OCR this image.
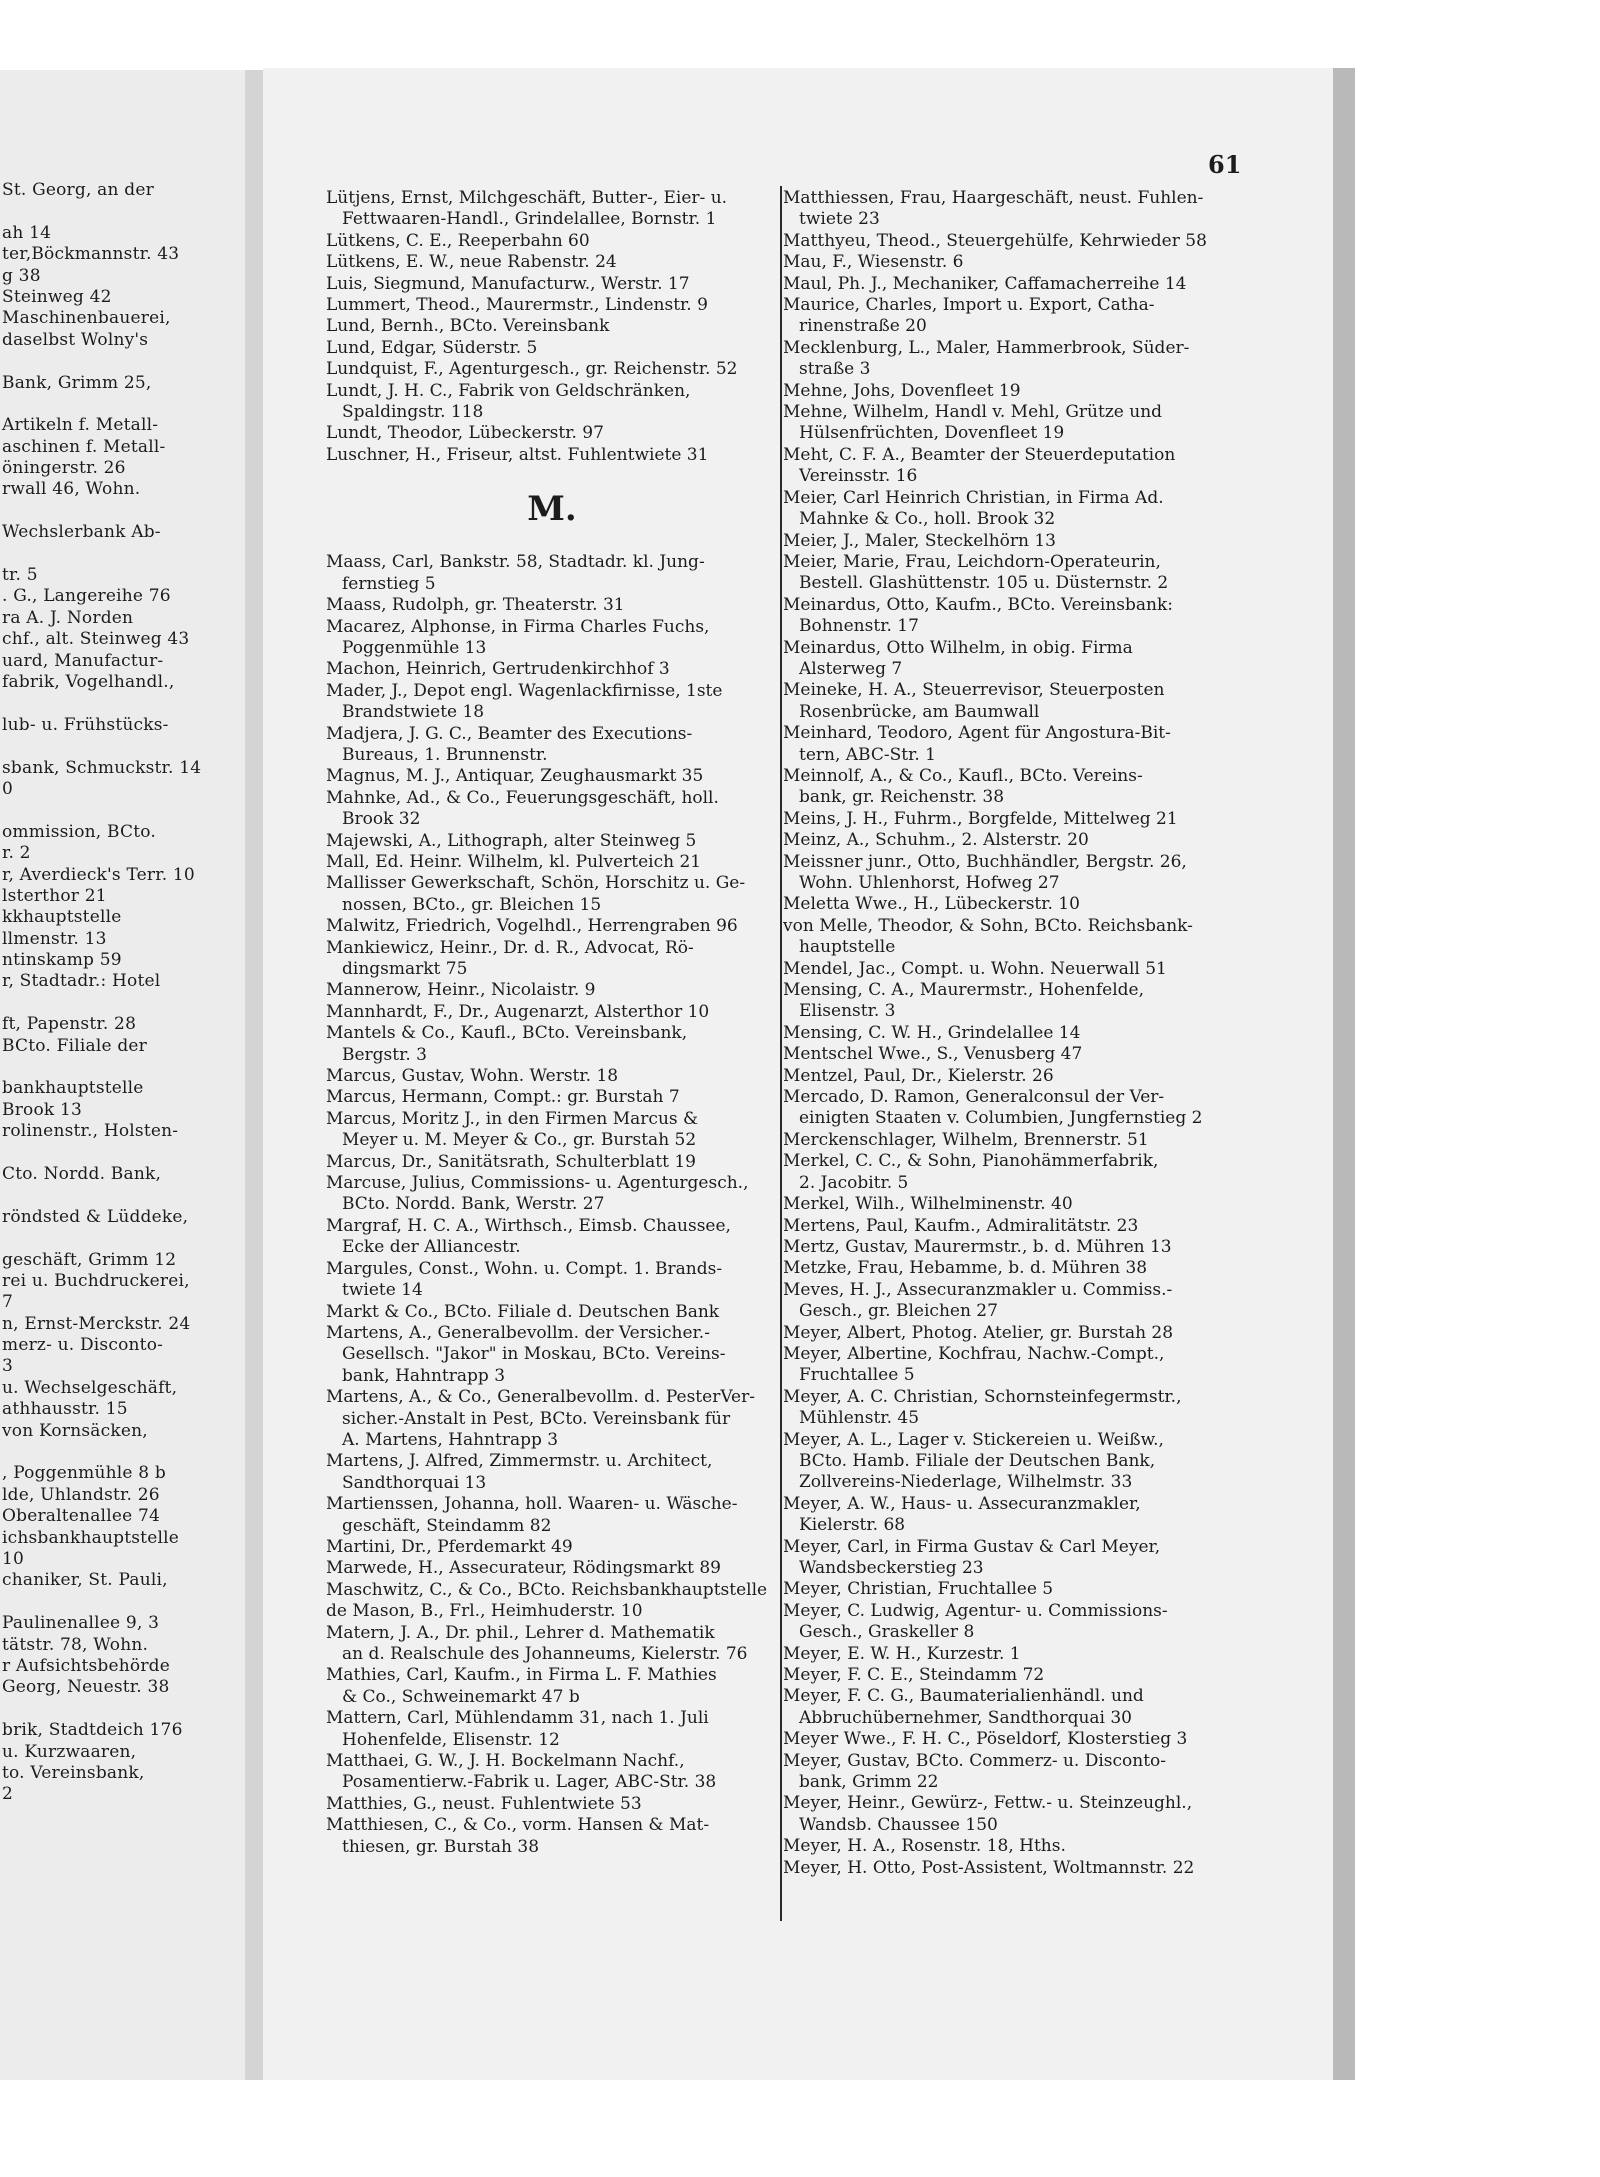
St. Georg, an der

ah 14
ter,Böckmannstr. 43
g 38
Steinweg 42
Maschinenbauerei,
daselbst Wolny's

Bank, Grimm 25,

Artikeln f. Metall-
aschinen f. Metall-
öningerstr. 26
rwall 46, Wohn.

Wechslerbank Ab-

tr. 5
. G., Langereihe 76
ra A. J. Norden
chf., alt. Steinweg 43
uard, Manufactur-
fabrik, Vogelhandl.,

lub- u. Frühstücks-

sbank, Schmuckstr. 14
0

ommission, BCto.
r. 2
r, Averdieck's Terr. 10
lsterthor 21
kkhauptstelle
llmenstr. 13
ntinskamp 59
r, Stadtadr.: Hotel

ft, Papenstr. 28
BCto. Filiale der

bankhauptstelle
Brook 13
rolinenstr., Holsten-

Cto. Nordd. Bank,

röndsted & Lüddeke,

geschäft, Grimm 12
rei u. Buchdruckerei,
7
n, Ernst-Merckstr. 24
merz- u. Disconto-
3
u. Wechselgeschäft,
athhausstr. 15
von Kornsäcken,

, Poggenmühle 8 b
lde, Uhlandstr. 26
Oberaltenallee 74
ichsbankhauptstelle
10
chaniker, St. Pauli,

Paulinenallee 9, 3
tätstr. 78, Wohn.
r Aufsichtsbehörde
Georg, Neuestr. 38

brik, Stadtdeich 176
u. Kurzwaaren,
to. Vereinsbank,
2
61
Lütjens, Ernst, Milchgeschäft, Butter-, Eier- u.
Fettwaaren-Handl., Grindelallee, Bornstr. 1
Lütkens, C. E., Reeperbahn 60
Lütkens, E. W., neue Rabenstr. 24
Luis, Siegmund, Manufacturw., Werstr. 17
Lummert, Theod., Maurermstr., Lindenstr. 9
Lund, Bernh., BCto. Vereinsbank
Lund, Edgar, Süderstr. 5
Lundquist, F., Agenturgesch., gr. Reichenstr. 52
Lundt, J. H. C., Fabrik von Geldschränken,
Spaldingstr. 118
Lundt, Theodor, Lübeckerstr. 97
Luschner, H., Friseur, altst. Fuhlentwiete 31
M.
Maass, Carl, Bankstr. 58, Stadtadr. kl. Jung-
fernstieg 5
Maass, Rudolph, gr. Theaterstr. 31
Macarez, Alphonse, in Firma Charles Fuchs,
Poggenmühle 13
Machon, Heinrich, Gertrudenkirchhof 3
Mader, J., Depot engl. Wagenlackfirnisse, 1ste
Brandstwiete 18
Madjera, J. G. C., Beamter des Executions-
Bureaus, 1. Brunnenstr.
Magnus, M. J., Antiquar, Zeughausmarkt 35
Mahnke, Ad., & Co., Feuerungsgeschäft, holl.
Brook 32
Majewski, A., Lithograph, alter Steinweg 5
Mall, Ed. Heinr. Wilhelm, kl. Pulverteich 21
Mallisser Gewerkschaft, Schön, Horschitz u. Ge-
nossen, BCto., gr. Bleichen 15
Malwitz, Friedrich, Vogelhdl., Herrengraben 96
Mankiewicz, Heinr., Dr. d. R., Advocat, Rö-
dingsmarkt 75
Mannerow, Heinr., Nicolaistr. 9
Mannhardt, F., Dr., Augenarzt, Alsterthor 10
Mantels & Co., Kaufl., BCto. Vereinsbank,
Bergstr. 3
Marcus, Gustav, Wohn. Werstr. 18
Marcus, Hermann, Compt.: gr. Burstah 7
Marcus, Moritz J., in den Firmen Marcus &
Meyer u. M. Meyer & Co., gr. Burstah 52
Marcus, Dr., Sanitätsrath, Schulterblatt 19
Marcuse, Julius, Commissions- u. Agenturgesch.,
BCto. Nordd. Bank, Werstr. 27
Margraf, H. C. A., Wirthsch., Eimsb. Chaussee,
Ecke der Alliancestr.
Margules, Const., Wohn. u. Compt. 1. Brands-
twiete 14
Markt & Co., BCto. Filiale d. Deutschen Bank
Martens, A., Generalbevollm. der Versicher.-
Gesellsch. "Jakor" in Moskau, BCto. Vereins-
bank, Hahntrapp 3
Martens, A., & Co., Generalbevollm. d. PesterVer-
sicher.-Anstalt in Pest, BCto. Vereinsbank für
A. Martens, Hahntrapp 3
Martens, J. Alfred, Zimmermstr. u. Architect,
Sandthorquai 13
Martienssen, Johanna, holl. Waaren- u. Wäsche-
geschäft, Steindamm 82
Martini, Dr., Pferdemarkt 49
Marwede, H., Assecurateur, Rödingsmarkt 89
Maschwitz, C., & Co., BCto. Reichsbankhauptstelle
de Mason, B., Frl., Heimhuderstr. 10
Matern, J. A., Dr. phil., Lehrer d. Mathematik
an d. Realschule des Johanneums, Kielerstr. 76
Mathies, Carl, Kaufm., in Firma L. F. Mathies
& Co., Schweinemarkt 47 b
Mattern, Carl, Mühlendamm 31, nach 1. Juli
Hohenfelde, Elisenstr. 12
Matthaei, G. W., J. H. Bockelmann Nachf.,
Posamentierw.-Fabrik u. Lager, ABC-Str. 38
Matthies, G., neust. Fuhlentwiete 53
Matthiesen, C., & Co., vorm. Hansen & Mat-
thiesen, gr. Burstah 38
Matthiessen, Frau, Haargeschäft, neust. Fuhlen-
twiete 23
Matthyeu, Theod., Steuergehülfe, Kehrwieder 58
Mau, F., Wiesenstr. 6
Maul, Ph. J., Mechaniker, Caffamacherreihe 14
Maurice, Charles, Import u. Export, Catha-
rinenstraße 20
Mecklenburg, L., Maler, Hammerbrook, Süder-
straße 3
Mehne, Johs, Dovenfleet 19
Mehne, Wilhelm, Handl v. Mehl, Grütze und
Hülsenfrüchten, Dovenfleet 19
Meht, C. F. A., Beamter der Steuerdeputation
Vereinsstr. 16
Meier, Carl Heinrich Christian, in Firma Ad.
Mahnke & Co., holl. Brook 32
Meier, J., Maler, Steckelhörn 13
Meier, Marie, Frau, Leichdorn-Operateurin,
Bestell. Glashüttenstr. 105 u. Düsternstr. 2
Meinardus, Otto, Kaufm., BCto. Vereinsbank:
Bohnenstr. 17
Meinardus, Otto Wilhelm, in obig. Firma
Alsterweg 7
Meineke, H. A., Steuerrevisor, Steuerposten
Rosenbrücke, am Baumwall
Meinhard, Teodoro, Agent für Angostura-Bit-
tern, ABC-Str. 1
Meinnolf, A., & Co., Kaufl., BCto. Vereins-
bank, gr. Reichenstr. 38
Meins, J. H., Fuhrm., Borgfelde, Mittelweg 21
Meinz, A., Schuhm., 2. Alsterstr. 20
Meissner junr., Otto, Buchhändler, Bergstr. 26,
Wohn. Uhlenhorst, Hofweg 27
Meletta Wwe., H., Lübeckerstr. 10
von Melle, Theodor, & Sohn, BCto. Reichsbank-
hauptstelle
Mendel, Jac., Compt. u. Wohn. Neuerwall 51
Mensing, C. A., Maurermstr., Hohenfelde,
Elisenstr. 3
Mensing, C. W. H., Grindelallee 14
Mentschel Wwe., S., Venusberg 47
Mentzel, Paul, Dr., Kielerstr. 26
Mercado, D. Ramon, Generalconsul der Ver-
einigten Staaten v. Columbien, Jungfernstieg 2
Merckenschlager, Wilhelm, Brennerstr. 51
Merkel, C. C., & Sohn, Pianohämmerfabrik,
2. Jacobitr. 5
Merkel, Wilh., Wilhelminenstr. 40
Mertens, Paul, Kaufm., Admiralitätstr. 23
Mertz, Gustav, Maurermstr., b. d. Mühren 13
Metzke, Frau, Hebamme, b. d. Mühren 38
Meves, H. J., Assecuranzmakler u. Commiss.-
Gesch., gr. Bleichen 27
Meyer, Albert, Photog. Atelier, gr. Burstah 28
Meyer, Albertine, Kochfrau, Nachw.-Compt.,
Fruchtallee 5
Meyer, A. C. Christian, Schornsteinfegermstr.,
Mühlenstr. 45
Meyer, A. L., Lager v. Stickereien u. Weißw.,
BCto. Hamb. Filiale der Deutschen Bank,
Zollvereins-Niederlage, Wilhelmstr. 33
Meyer, A. W., Haus- u. Assecuranzmakler,
Kielerstr. 68
Meyer, Carl, in Firma Gustav & Carl Meyer,
Wandsbeckerstieg 23
Meyer, Christian, Fruchtallee 5
Meyer, C. Ludwig, Agentur- u. Commissions-
Gesch., Graskeller 8
Meyer, E. W. H., Kurzestr. 1
Meyer, F. C. E., Steindamm 72
Meyer, F. C. G., Baumaterialienhändl. und
Abbruchübernehmer, Sandthorquai 30
Meyer Wwe., F. H. C., Pöseldorf, Klosterstieg 3
Meyer, Gustav, BCto. Commerz- u. Disconto-
bank, Grimm 22
Meyer, Heinr., Gewürz-, Fettw.- u. Steinzeughl.,
Wandsb. Chaussee 150
Meyer, H. A., Rosenstr. 18, Hths.
Meyer, H. Otto, Post-Assistent, Woltmannstr. 22
